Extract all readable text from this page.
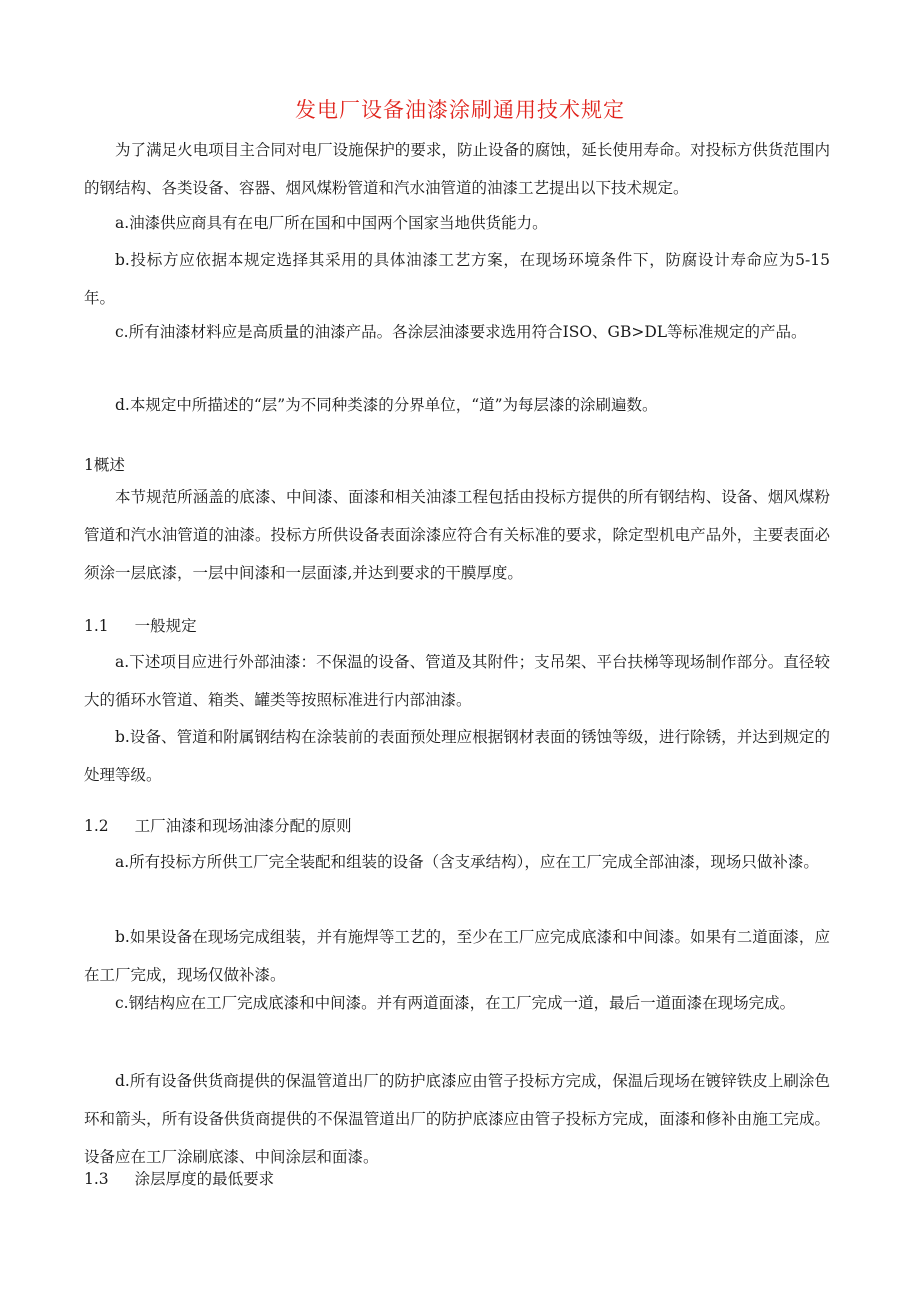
发电厂设备油漆涂刷通用技术规定

为了满足火电项目主合同对电厂设施保护的要求，防止设备的腐蚀，延长使用寿命。对投标方供货范围内的钢结构、各类设备、容器、烟风煤粉管道和汽水油管道的油漆工艺提出以下技术规定。

a.油漆供应商具有在电厂所在国和中国两个国家当地供货能力。

b.投标方应依据本规定选择其采用的具体油漆工艺方案，在现场环境条件下，防腐设计寿命应为5-15年。

c.所有油漆材料应是高质量的油漆产品。各涂层油漆要求选用符合ISO、GB>DL等标准规定的产品。

d.本规定中所描述的“层”为不同种类漆的分界单位，“道”为每层漆的涂刷遍数。

1概述

本节规范所涵盖的底漆、中间漆、面漆和相关油漆工程包括由投标方提供的所有钢结构、设备、烟风煤粉管道和汽水油管道的油漆。投标方所供设备表面涂漆应符合有关标准的要求，除定型机电产品外，主要表面必须涂一层底漆，一层中间漆和一层面漆,并达到要求的干膜厚度。

1.1 一般规定

a.下述项目应进行外部油漆：不保温的设备、管道及其附件；支吊架、平台扶梯等现场制作部分。直径较大的循环水管道、箱类、罐类等按照标准进行内部油漆。

b.设备、管道和附属钢结构在涂装前的表面预处理应根据钢材表面的锈蚀等级，进行除锈，并达到规定的处理等级。

1.2 工厂油漆和现场油漆分配的原则

a.所有投标方所供工厂完全装配和组装的设备（含支承结构），应在工厂完成全部油漆，现场只做补漆。

b.如果设备在现场完成组装，并有施焊等工艺的，至少在工厂应完成底漆和中间漆。如果有二道面漆，应在工厂完成，现场仅做补漆。

c.钢结构应在工厂完成底漆和中间漆。并有两道面漆，在工厂完成一道，最后一道面漆在现场完成。

d.所有设备供货商提供的保温管道出厂的防护底漆应由管子投标方完成，保温后现场在镀锌铁皮上刷涂色环和箭头，所有设备供货商提供的不保温管道出厂的防护底漆应由管子投标方完成，面漆和修补由施工完成。设备应在工厂涂刷底漆、中间涂层和面漆。

1.3 涂层厚度的最低要求
